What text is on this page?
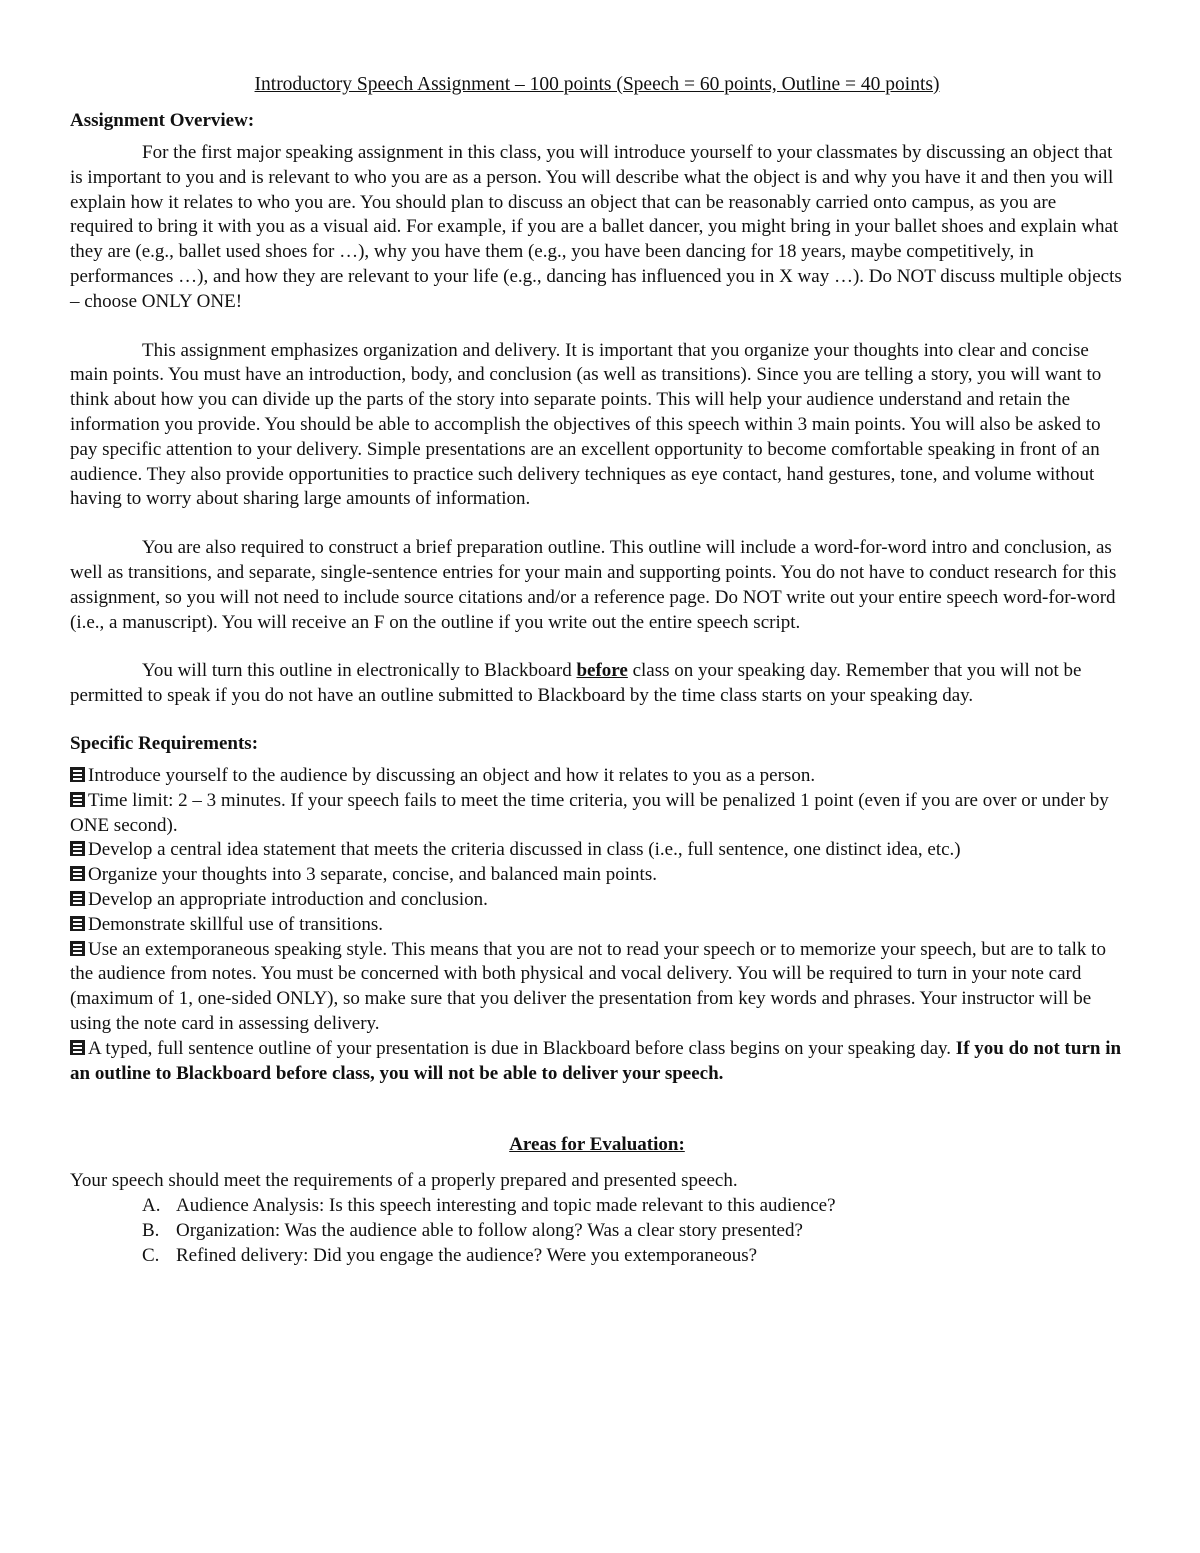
Introductory Speech Assignment – 100 points (Speech = 60 points, Outline = 40 points)
Assignment Overview:

For the first major speaking assignment in this class, you will introduce yourself to your classmates by discussing an object that is important to you and is relevant to who you are as a person. You will describe what the object is and why you have it and then you will explain how it relates to who you are. You should plan to discuss an object that can be reasonably carried onto campus, as you are required to bring it with you as a visual aid. For example, if you are a ballet dancer, you might bring in your ballet shoes and explain what they are (e.g., ballet used shoes for …), why you have them (e.g., you have been dancing for 18 years, maybe competitively, in performances …), and how they are relevant to your life (e.g., dancing has influenced you in X way …). Do NOT discuss multiple objects – choose ONLY ONE!

This assignment emphasizes organization and delivery. It is important that you organize your thoughts into clear and concise main points. You must have an introduction, body, and conclusion (as well as transitions). Since you are telling a story, you will want to think about how you can divide up the parts of the story into separate points. This will help your audience understand and retain the information you provide. You should be able to accomplish the objectives of this speech within 3 main points. You will also be asked to pay specific attention to your delivery. Simple presentations are an excellent opportunity to become comfortable speaking in front of an audience. They also provide opportunities to practice such delivery techniques as eye contact, hand gestures, tone, and volume without having to worry about sharing large amounts of information.

You are also required to construct a brief preparation outline. This outline will include a word-for-word intro and conclusion, as well as transitions, and separate, single-sentence entries for your main and supporting points. You do not have to conduct research for this assignment, so you will not need to include source citations and/or a reference page. Do NOT write out your entire speech word-for-word (i.e., a manuscript). You will receive an F on the outline if you write out the entire speech script.

You will turn this outline in electronically to Blackboard before class on your speaking day. Remember that you will not be permitted to speak if you do not have an outline submitted to Blackboard by the time class starts on your speaking day.

Specific Requirements:
Introduce yourself to the audience by discussing an object and how it relates to you as a person.
Time limit: 2 – 3 minutes. If your speech fails to meet the time criteria, you will be penalized 1 point (even if you are over or under by ONE second).
Develop a central idea statement that meets the criteria discussed in class (i.e., full sentence, one distinct idea, etc.)
Organize your thoughts into 3 separate, concise, and balanced main points.
Develop an appropriate introduction and conclusion.
Demonstrate skillful use of transitions.
Use an extemporaneous speaking style. This means that you are not to read your speech or to memorize your speech, but are to talk to the audience from notes. You must be concerned with both physical and vocal delivery. You will be required to turn in your note card (maximum of 1, one-sided ONLY), so make sure that you deliver the presentation from key words and phrases. Your instructor will be using the note card in assessing delivery.
A typed, full sentence outline of your presentation is due in Blackboard before class begins on your speaking day. If you do not turn in an outline to Blackboard before class, you will not be able to deliver your speech.
Areas for Evaluation:
Your speech should meet the requirements of a properly prepared and presented speech.
A. Audience Analysis: Is this speech interesting and topic made relevant to this audience?
B. Organization: Was the audience able to follow along? Was a clear story presented?
C. Refined delivery: Did you engage the audience? Were you extemporaneous?
